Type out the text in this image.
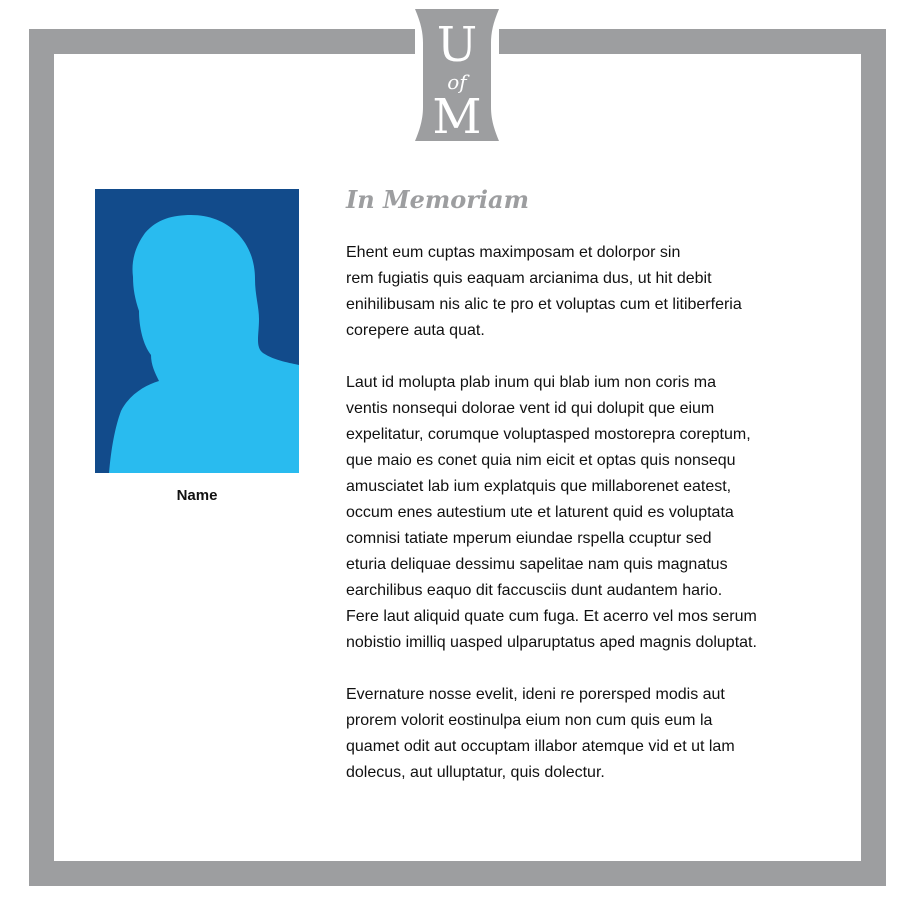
U
of
M
Name
In Memoriam

Ehent eum cuptas maximposam et dolorpor sin
rem fugiatis quis eaquam arcianima dus, ut hit debit
enihilibusam nis alic te pro et voluptas cum et litiberferia
corepere auta quat.

Laut id molupta plab inum qui blab ium non coris ma
ventis nonsequi dolorae vent id qui dolupit que eium
expelitatur, corumque voluptasped mostorepra coreptum,
que maio es conet quia nim eicit et optas quis nonsequ
amusciatet lab ium explatquis que millaborenet eatest,
occum enes autestium ute et laturent quid es voluptata
comnisi tatiate mperum eiundae rspella ccuptur sed
eturia deliquae dessimu sapelitae nam quis magnatus
earchilibus eaquo dit faccusciis dunt audantem hario.
Fere laut aliquid quate cum fuga. Et acerro vel mos serum
nobistio imilliq uasped ulparuptatus aped magnis doluptat.

Evernature nosse evelit, ideni re porersped modis aut
prorem volorit eostinulpa eium non cum quis eum la
quamet odit aut occuptam illabor atemque vid et ut lam
dolecus, aut ulluptatur, quis dolectur.
